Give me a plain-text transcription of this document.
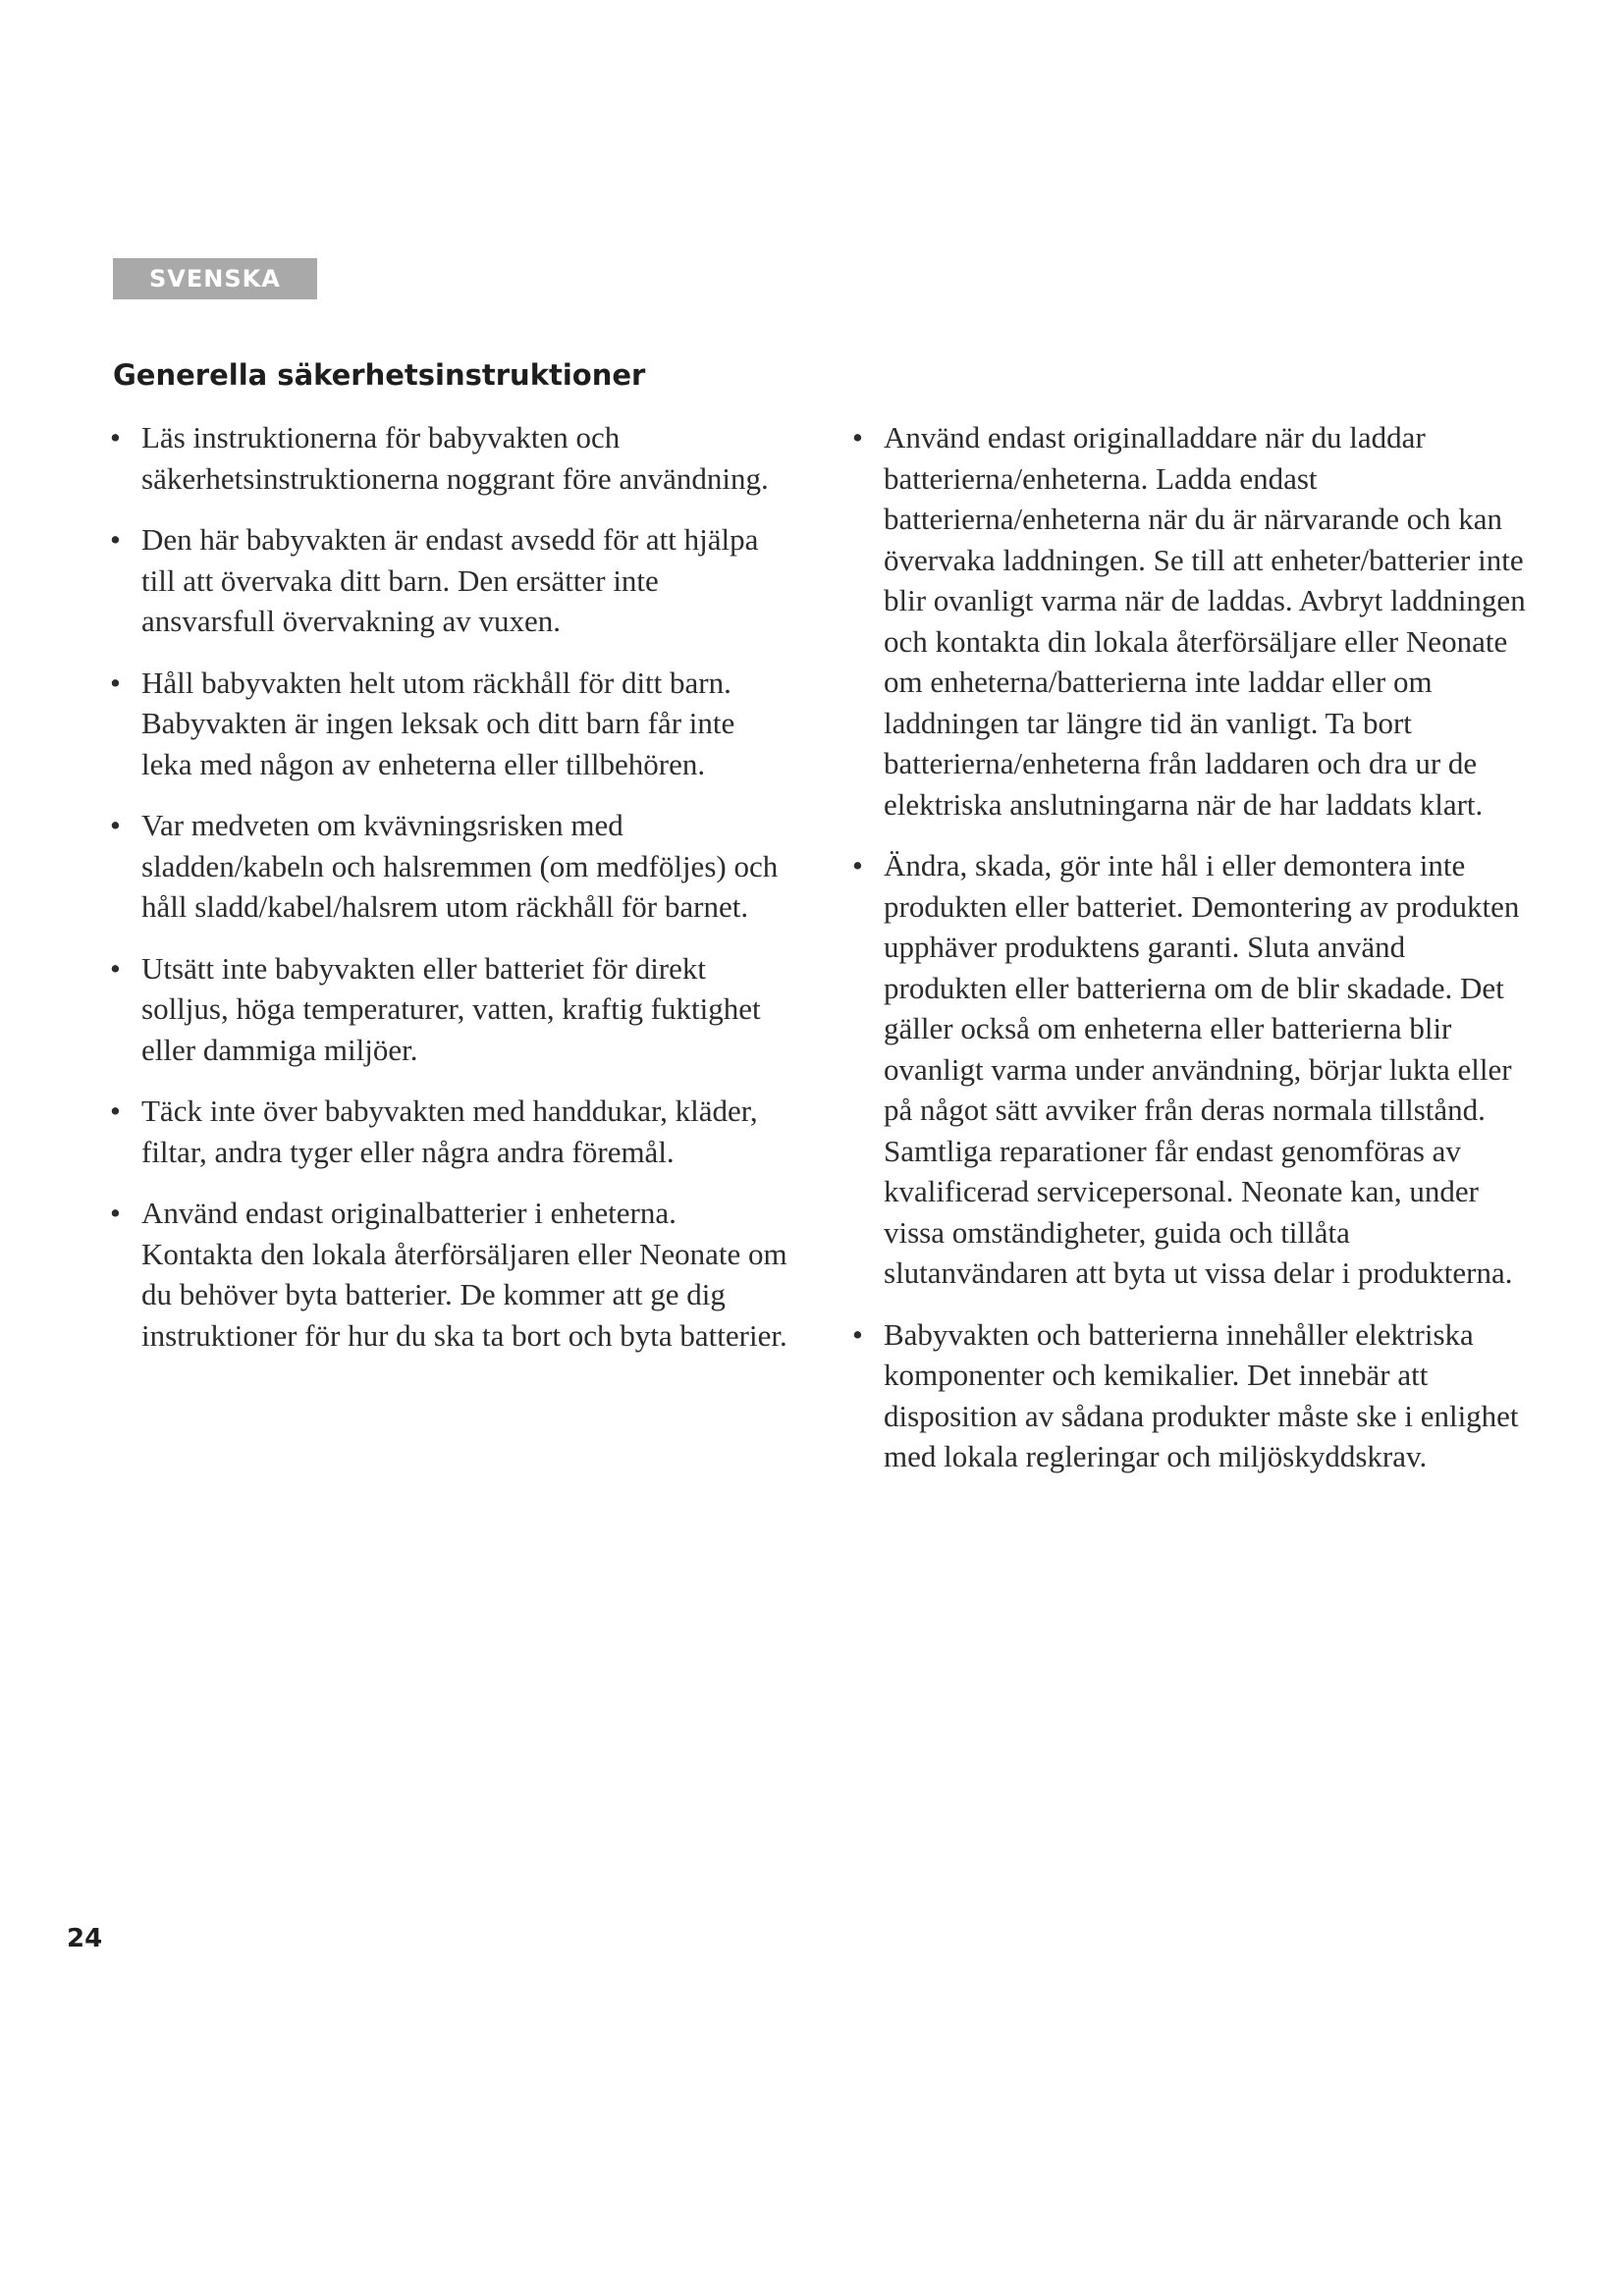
SVENSKA
Generella säkerhetsinstruktioner
• Läs instruktionerna för babyvakten och säkerhetsinstruktionerna noggrant före användning.
• Den här babyvakten är endast avsedd för att hjälpa till att övervaka ditt barn. Den ersätter inte ansvarsfull övervakning av vuxen.
• Håll babyvakten helt utom räckhåll för ditt barn. Babyvakten är ingen leksak och ditt barn får inte leka med någon av enheterna eller tillbehören.
• Var medveten om kvävningsrisken med sladden/kabeln och halsremmen (om medföljes) och håll sladd/kabel/halsrem utom räckhåll för barnet.
• Utsätt inte babyvakten eller batteriet för direkt solljus, höga temperaturer, vatten, kraftig fuktighet eller dammiga miljöer.
• Täck inte över babyvakten med handdukar, kläder, filtar, andra tyger eller några andra föremål.
• Använd endast originalbatterier i enheterna. Kontakta den lokala återförsäljaren eller Neonate om du behöver byta batterier. De kommer att ge dig instruktioner för hur du ska ta bort och byta batterier.
• Använd endast originalladdare när du laddar batterierna/enheterna. Ladda endast batterierna/enheterna när du är närvarande och kan övervaka laddningen. Se till att enheter/batterier inte blir ovanligt varma när de laddas. Avbryt laddningen och kontakta din lokala återförsäljare eller Neonate om enheterna/batterierna inte laddar eller om laddningen tar längre tid än vanligt. Ta bort batterierna/enheterna från laddaren och dra ur de elektriska anslutningarna när de har laddats klart.
• Ändra, skada, gör inte hål i eller demontera inte produkten eller batteriet. Demontering av produkten upphäver produktens garanti. Sluta använd produkten eller batterierna om de blir skadade. Det gäller också om enheterna eller batterierna blir ovanligt varma under användning, börjar lukta eller på något sätt avviker från deras normala tillstånd. Samtliga reparationer får endast genomföras av kvalificerad servicepersonal. Neonate kan, under vissa omständigheter, guida och tillåta slutanvändaren att byta ut vissa delar i produkterna.
• Babyvakten och batterierna innehåller elektriska komponenter och kemikalier. Det innebär att disposition av sådana produkter måste ske i enlighet med lokala regleringar och miljöskyddskrav.
24
